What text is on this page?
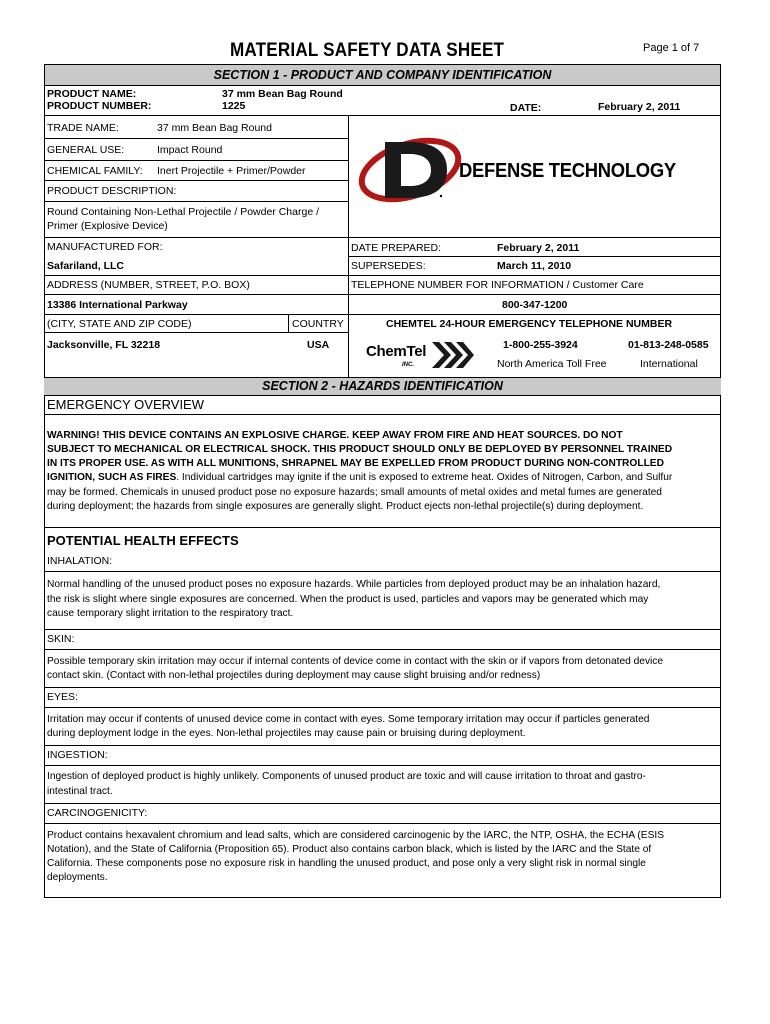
MATERIAL SAFETY DATA SHEET	Page 1 of 7
SECTION 1 - PRODUCT AND COMPANY IDENTIFICATION
PRODUCT NAME:	37 mm Bean Bag Round
PRODUCT NUMBER:	1225	DATE:	February 2, 2011
TRADE NAME:	37 mm Bean Bag Round
GENERAL USE:	Impact Round
CHEMICAL FAMILY: Inert Projectile + Primer/Powder
PRODUCT DESCRIPTION:
Round Containing Non-Lethal Projectile / Powder Charge /
Primer (Explosive Device)
DEFENSE TECHNOLOGY
MANUFACTURED FOR:	DATE PREPARED:	February 2, 2011
Safariland, LLC	SUPERSEDES:	March 11, 2010
ADDRESS (NUMBER, STREET, P.O. BOX)	TELEPHONE NUMBER FOR INFORMATION / Customer Care
13386 International Parkway	800-347-1200
(CITY, STATE AND ZIP CODE)	COUNTRY	CHEMTEL 24-HOUR EMERGENCY TELEPHONE NUMBER
Jacksonville, FL 32218	USA ChemTel
INC.
1-800-255-3924	01-813-248-0585
North America Toll Free	International
SECTION 2 - HAZARDS IDENTIFICATION
EMERGENCY OVERVIEW
WARNING! THIS DEVICE CONTAINS AN EXPLOSIVE CHARGE. KEEP AWAY FROM FIRE AND HEAT SOURCES. DO NOT
SUBJECT TO MECHANICAL OR ELECTRICAL SHOCK. THIS PRODUCT SHOULD ONLY BE DEPLOYED BY PERSONNEL TRAINED
IN ITS PROPER USE. AS WITH ALL MUNITIONS, SHRAPNEL MAY BE EXPELLED FROM PRODUCT DURING NON-CONTROLLED
IGNITION, SUCH AS FIRES. Individual cartridges may ignite if the unit is exposed to extreme heat. Oxides of Nitrogen, Carbon, and Sulfur
may be formed. Chemicals in unused product pose no exposure hazards; small amounts of metal oxides and metal fumes are generated
during deployment; the hazards from single exposures are generally slight. Product ejects non-lethal projectile(s) during deployment.
POTENTIAL HEALTH EFFECTS
INHALATION:
Normal handling of the unused product poses no exposure hazards. While particles from deployed product may be an inhalation hazard,
the risk is slight where single exposures are concerned. When the product is used, particles and vapors may be generated which may
cause temporary slight irritation to the respiratory tract.
SKIN:
Possible temporary skin irritation may occur if internal contents of device come in contact with the skin or if vapors from detonated device
contact skin. (Contact with non-lethal projectiles during deployment may cause slight bruising and/or redness)
EYES:
Irritation may occur if contents of unused device come in contact with eyes. Some temporary irritation may occur if particles generated
during deployment lodge in the eyes. Non-lethal projectiles may cause pain or bruising during deployment.
INGESTION:
Ingestion of deployed product is highly unlikely. Components of unused product are toxic and will cause irritation to throat and gastro-
intestinal tract.
CARCINOGENICITY:
Product contains hexavalent chromium and lead salts, which are considered carcinogenic by the IARC, the NTP, OSHA, the ECHA (ESIS
Notation), and the State of California (Proposition 65). Product also contains carbon black, which is listed by the IARC and the State of
California. These components pose no exposure risk in handling the unused product, and pose only a very slight risk in normal single
deployments.
